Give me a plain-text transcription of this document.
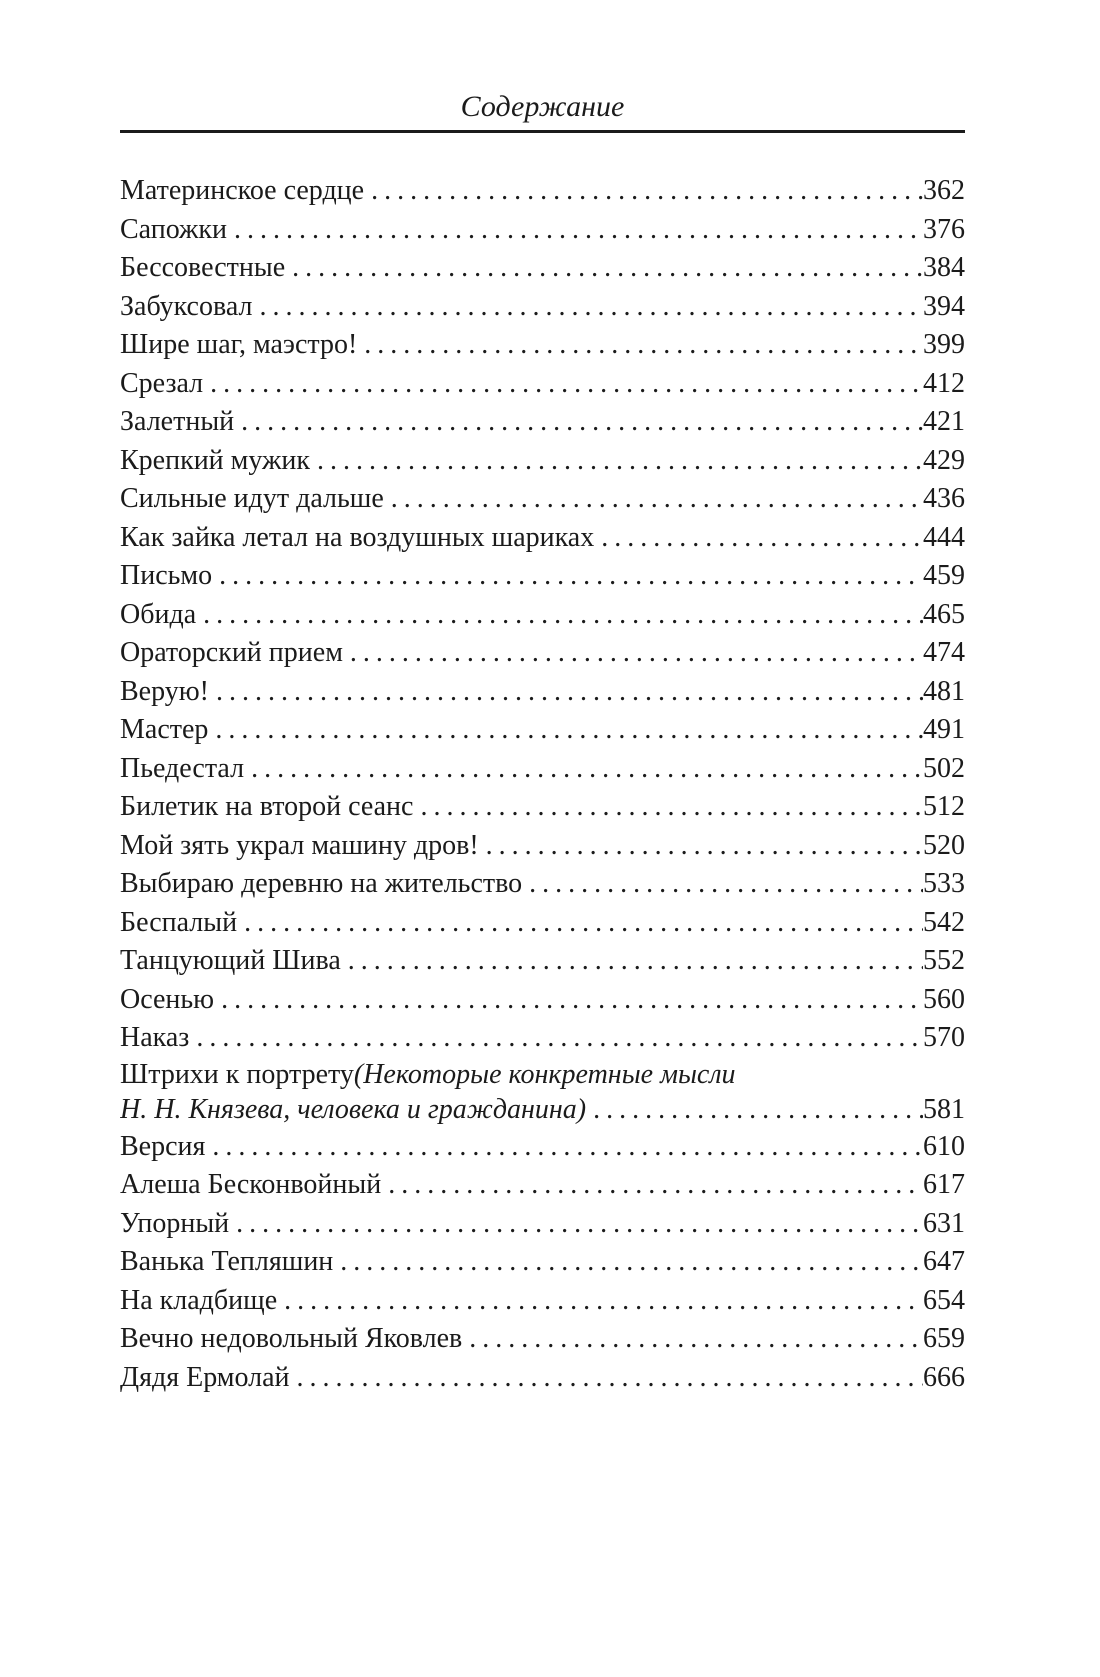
Содержание
Материнское сердце .....	362
Сапожки .....	376
Бессовестные .....	384
Забуксовал .....	394
Шире шаг, маэстро! .....	399
Срезал .....	412
Залетный .....	421
Крепкий мужик .....	429
Сильные идут дальше .....	436
Как зайка летал на воздушных шариках .....	444
Письмо .....	459
Обида .....	465
Ораторский прием .....	474
Верую! .....	481
Мастер .....	491
Пьедестал .....	502
Билетик на второй сеанс .....	512
Мой зять украл машину дров! .....	520
Выбираю деревню на жительство .....	533
Беспалый .....	542
Танцующий Шива .....	552
Осенью .....	560
Наказ .....	570
Штрихи к портрету (Некоторые конкретные мысли
Н. Н. Князева, человека и гражданина) .....	581
Версия .....	610
Алеша Бесконвойный .....	617
Упорный .....	631
Ванька Тепляшин .....	647
На кладбище .....	654
Вечно недовольный Яковлев .....	659
Дядя Ермолай .....	666
